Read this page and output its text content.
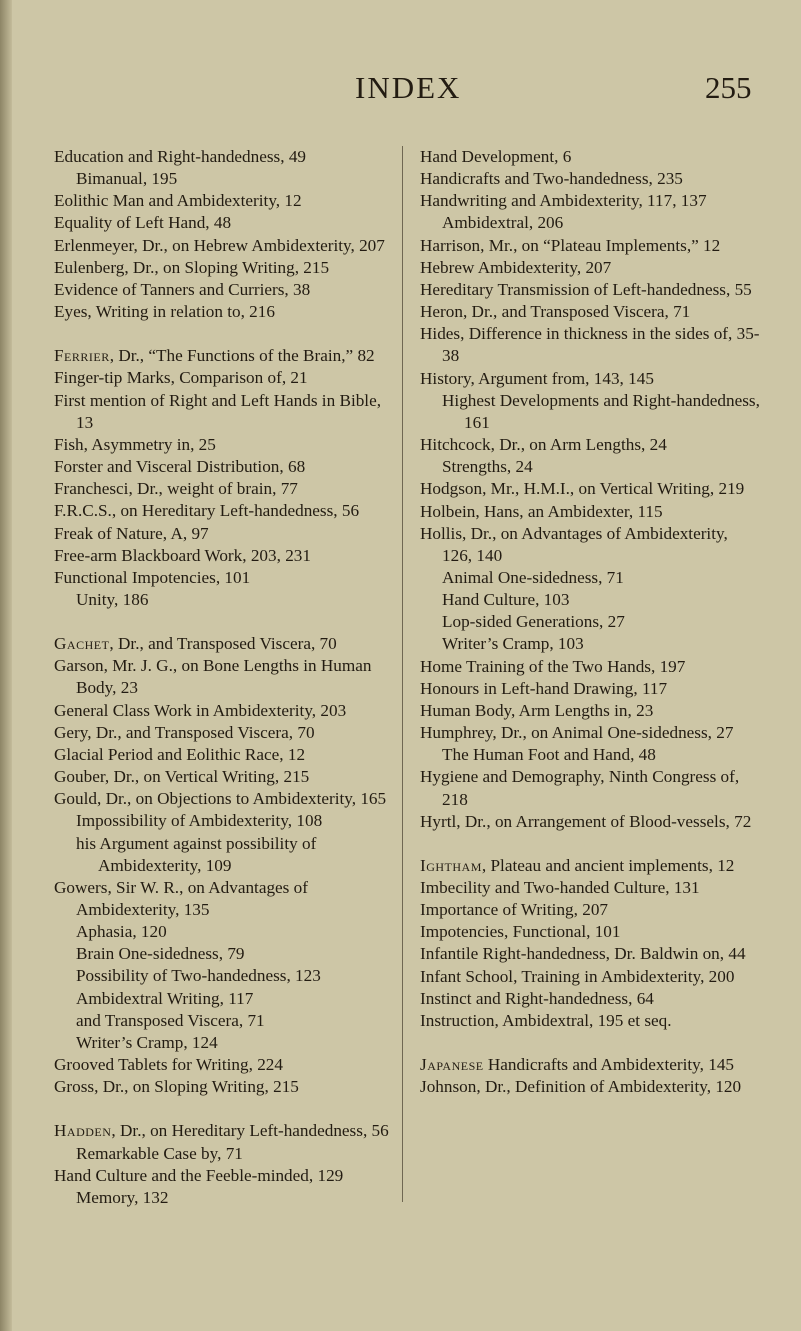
INDEX	255

Education and Right-handedness, 49

Bimanual, 195

Eolithic Man and Ambidexterity, 12

Equality of Left Hand, 48

Erlenmeyer, Dr., on Hebrew Ambidexterity, 207

Eulenberg, Dr., on Sloping Writing, 215

Evidence of Tanners and Curriers, 38

Eyes, Writing in relation to, 216

Ferrier, Dr., “The Functions of the Brain,” 82

Finger-tip Marks, Comparison of, 21

First mention of Right and Left Hands in Bible, 13

Fish, Asymmetry in, 25

Forster and Visceral Distribution, 68

Franchesci, Dr., weight of brain, 77

F.R.C.S., on Hereditary Left-handedness, 56

Freak of Nature, A, 97

Free-arm Blackboard Work, 203, 231

Functional Impotencies, 101

Unity, 186

Gachet, Dr., and Transposed Viscera, 70

Garson, Mr. J. G., on Bone Lengths in Human Body, 23

General Class Work in Ambidexterity, 203

Gery, Dr., and Transposed Viscera, 70

Glacial Period and Eolithic Race, 12

Gouber, Dr., on Vertical Writing, 215

Gould, Dr., on Objections to Ambidexterity, 165

Impossibility of Ambidexterity, 108

his Argument against possibility of Ambidexterity, 109

Gowers, Sir W. R., on Advantages of Ambidexterity, 135

Aphasia, 120

Brain One-sidedness, 79

Possibility of Two-handedness, 123

Ambidextral Writing, 117

and Transposed Viscera, 71

Writer’s Cramp, 124

Grooved Tablets for Writing, 224

Gross, Dr., on Sloping Writing, 215

Hadden, Dr., on Hereditary Left-handedness, 56

Remarkable Case by, 71

Hand Culture and the Feeble-minded, 129

Memory, 132

Hand Development, 6

Handicrafts and Two-handedness, 235

Handwriting and Ambidexterity, 117, 137

Ambidextral, 206

Harrison, Mr., on “Plateau Implements,” 12

Hebrew Ambidexterity, 207

Hereditary Transmission of Left-handedness, 55

Heron, Dr., and Transposed Viscera, 71

Hides, Difference in thickness in the sides of, 35-38

History, Argument from, 143, 145

Highest Developments and Right-handedness, 161

Hitchcock, Dr., on Arm Lengths, 24

Strengths, 24

Hodgson, Mr., H.M.I., on Vertical Writing, 219

Holbein, Hans, an Ambidexter, 115

Hollis, Dr., on Advantages of Ambidexterity, 126, 140

Animal One-sidedness, 71

Hand Culture, 103

Lop-sided Generations, 27

Writer’s Cramp, 103

Home Training of the Two Hands, 197

Honours in Left-hand Drawing, 117

Human Body, Arm Lengths in, 23

Humphrey, Dr., on Animal One-sidedness, 27

The Human Foot and Hand, 48

Hygiene and Demography, Ninth Congress of, 218

Hyrtl, Dr., on Arrangement of Blood-vessels, 72

Ightham, Plateau and ancient implements, 12

Imbecility and Two-handed Culture, 131

Importance of Writing, 207

Impotencies, Functional, 101

Infantile Right-handedness, Dr. Baldwin on, 44

Infant School, Training in Ambidexterity, 200

Instinct and Right-handedness, 64

Instruction, Ambidextral, 195 et seq.

Japanese Handicrafts and Ambidexterity, 145

Johnson, Dr., Definition of Ambidexterity, 120
